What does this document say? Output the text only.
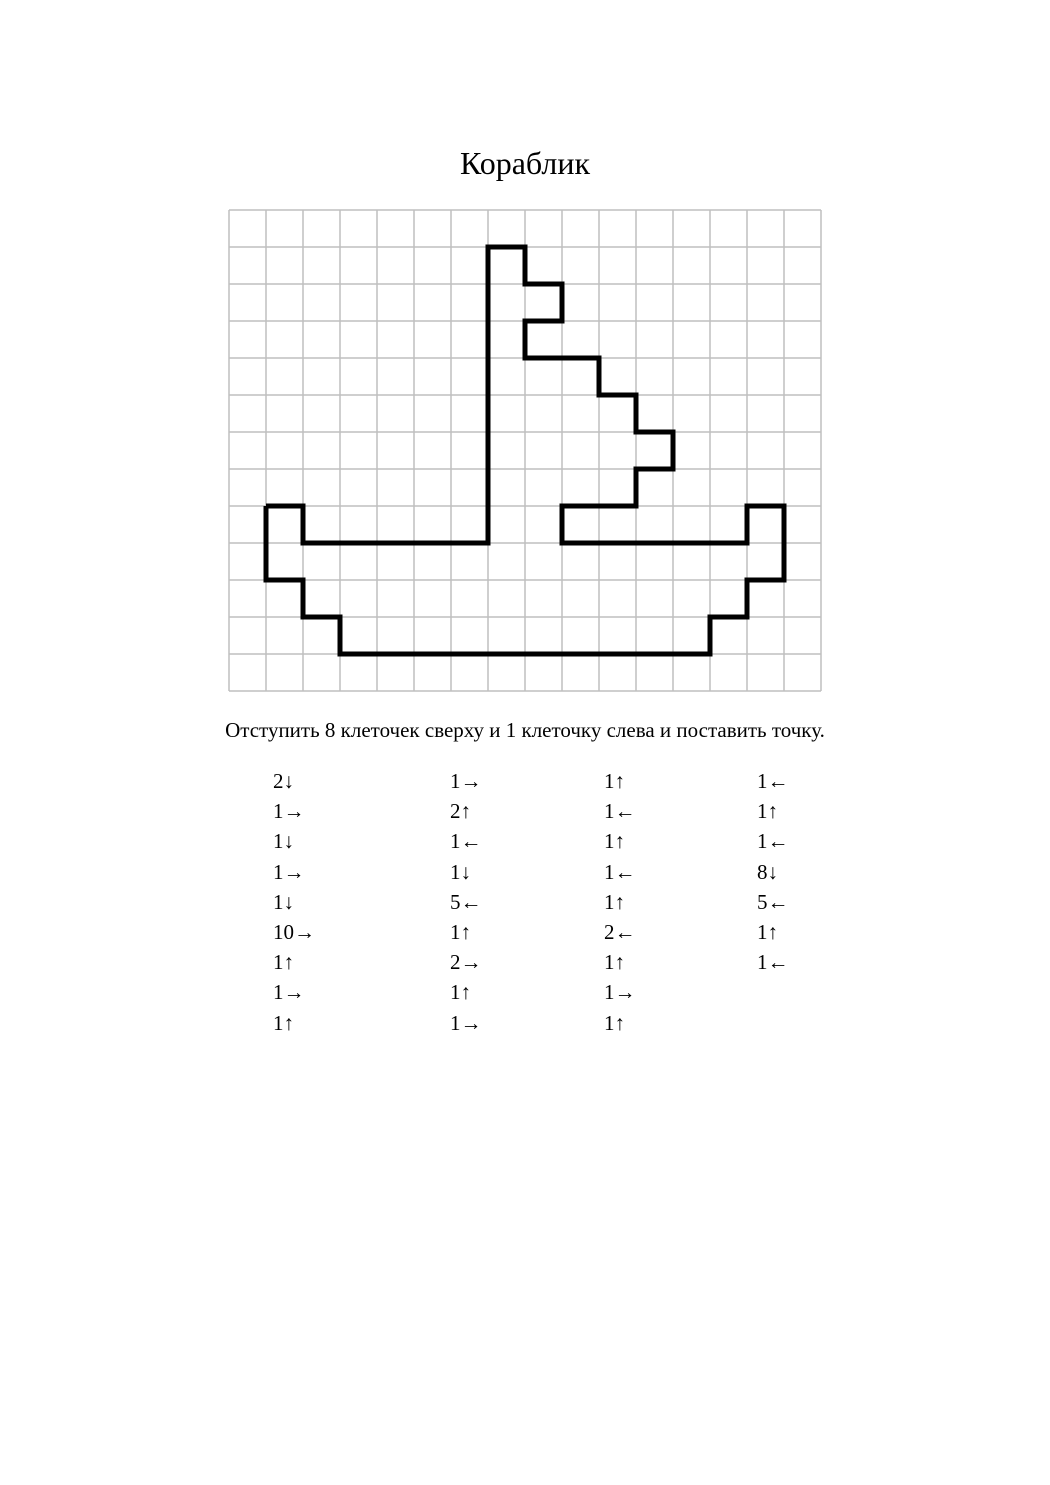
Кораблик
Отступить 8 клеточек сверху и 1 клеточку слева и поставить точку.
2↓
1→
1↓
1→
1↓
10→
1↑
1→
1↑
1→
2↑
1←
1↓
5←
1↑
2→
1↑
1→
1↑
1←
1↑
1←
1↑
2←
1↑
1→
1↑
1←
1↑
1←
8↓
5←
1↑
1←
